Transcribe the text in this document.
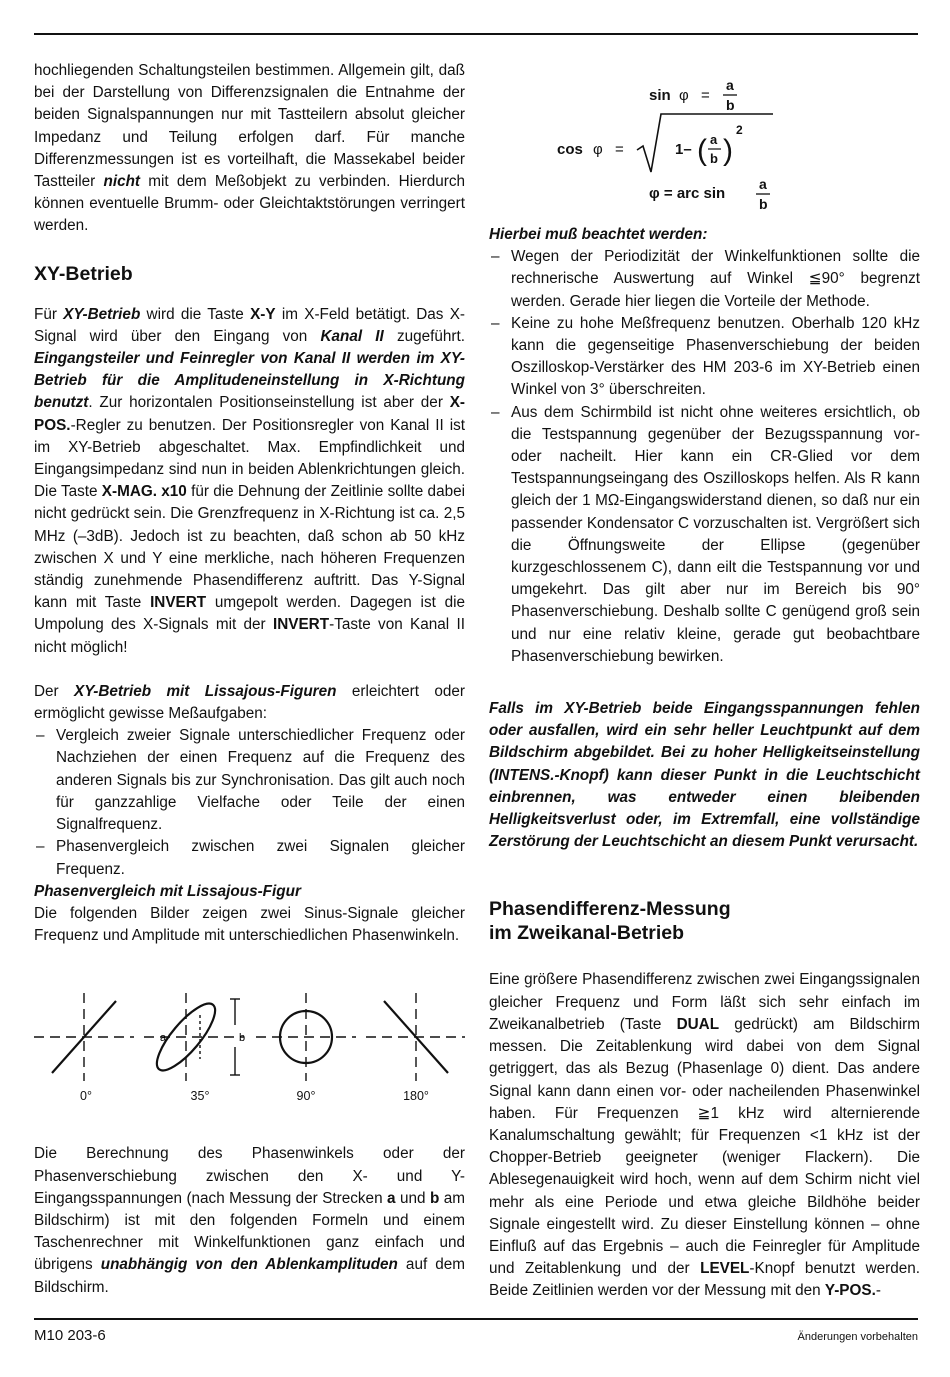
hochliegenden Schaltungsteilen bestimmen. Allgemein gilt, daß bei der Darstellung von Differenzsignalen die Entnahme der beiden Signalspannungen nur mit Tastteilern absolut gleicher Impedanz und Teilung erfolgen darf. Für manche Differenzmessungen ist es vorteilhaft, die Massekabel beider Tastteiler nicht mit dem Meßobjekt zu verbinden. Hierdurch können eventuelle Brumm- oder Gleichtaktstörungen verringert werden.

XY-Betrieb

Für XY-Betrieb wird die Taste X-Y im X-Feld betätigt. Das X-Signal wird über den Eingang von Kanal II zugeführt. Eingangsteiler und Feinregler von Kanal II werden im XY-Betrieb für die Amplitudeneinstellung in X-Richtung benutzt. Zur horizontalen Positionseinstellung ist aber der X-POS.-Regler zu benutzen. Der Positionsregler von Kanal II ist im XY-Betrieb abgeschaltet. Max. Empfindlichkeit und Eingangsimpedanz sind nun in beiden Ablenkrichtungen gleich. Die Taste X-MAG. x10 für die Dehnung der Zeitlinie sollte dabei nicht gedrückt sein. Die Grenzfrequenz in X-Richtung ist ca. 2,5 MHz (–3dB). Jedoch ist zu beachten, daß schon ab 50 kHz zwischen X und Y eine merkliche, nach höheren Frequenzen ständig zunehmende Phasendifferenz auftritt. Das Y-Signal kann mit Taste INVERT umgepolt werden. Dagegen ist die Umpolung des X-Signals mit der INVERT-Taste von Kanal II nicht möglich!

Der XY-Betrieb mit Lissajous-Figuren erleichtert oder ermöglicht gewisse Meßaufgaben:

– Vergleich zweier Signale unterschiedlicher Frequenz oder Nachziehen der einen Frequenz auf die Frequenz des anderen Signals bis zur Synchronisation. Das gilt auch noch für ganzzahlige Vielfache oder Teile der einen Signalfrequenz.
– Phasenvergleich zwischen zwei Signalen gleicher Frequenz.
Phasenvergleich mit Lissajous-Figur

Die folgenden Bilder zeigen zwei Sinus-Signale gleicher Frequenz und Amplitude mit unterschiedlichen Phasenwinkeln.

a	b
0°	35°	90°	180°

Die Berechnung des Phasenwinkels oder der Phasenverschiebung zwischen den X- und Y-Eingangsspannungen (nach Messung der Strecken a und b am Bildschirm) ist mit den folgenden Formeln und einem Taschenrechner mit Winkelfunktionen ganz einfach und übrigens unabhängig von den Ablenkamplituden auf dem Bildschirm.

sin φ =
a
b
cos φ =	1– ( a
b )
2
φ = arc sin
a
b
Hierbei muß beachtet werden:
– Wegen der Periodizität der Winkelfunktionen sollte die rechnerische Auswertung auf Winkel ≦90° begrenzt werden. Gerade hier liegen die Vorteile der Methode.
– Keine zu hohe Meßfrequenz benutzen. Oberhalb 120 kHz kann die gegenseitige Phasenverschiebung der beiden Oszilloskop-Verstärker des HM 203-6 im XY-Betrieb einen Winkel von 3° überschreiten.
– Aus dem Schirmbild ist nicht ohne weiteres ersichtlich, ob die Testspannung gegenüber der Bezugsspannung vor- oder nacheilt. Hier kann ein CR-Glied vor dem Testspannungseingang des Oszilloskops helfen. Als R kann gleich der 1 MΩ-Eingangswiderstand dienen, so daß nur ein passender Kondensator C vorzuschalten ist. Vergrößert sich die Öffnungsweite der Ellipse (gegenüber kurzgeschlossenem C), dann eilt die Testspannung vor und umgekehrt. Das gilt aber nur im Bereich bis 90° Phasenverschiebung. Deshalb sollte C genügend groß sein und nur eine relativ kleine, gerade gut beobachtbare Phasenverschiebung bewirken.

Falls im XY-Betrieb beide Eingangsspannungen fehlen oder ausfallen, wird ein sehr heller Leuchtpunkt auf dem Bildschirm abgebildet. Bei zu hoher Helligkeitseinstellung (INTENS.-Knopf) kann dieser Punkt in die Leuchtschicht einbrennen, was entweder einen bleibenden Helligkeitsverlust oder, im Extremfall, eine vollständige Zerstörung der Leuchtschicht an diesem Punkt verursacht.

Phasendifferenz-Messung
im Zweikanal-Betrieb

Eine größere Phasendifferenz zwischen zwei Eingangssignalen gleicher Frequenz und Form läßt sich sehr einfach im Zweikanalbetrieb (Taste DUAL gedrückt) am Bildschirm messen. Die Zeitablenkung wird dabei von dem Signal getriggert, das als Bezug (Phasenlage 0) dient. Das andere Signal kann dann einen vor- oder nacheilenden Phasenwinkel haben. Für Frequenzen ≧1 kHz wird alternierende Kanalumschaltung gewählt; für Frequenzen <1 kHz ist der Chopper-Betrieb geeigneter (weniger Flackern). Die Ablesegenauigkeit wird hoch, wenn auf dem Schirm nicht viel mehr als eine Periode und etwa gleiche Bildhöhe beider Signale eingestellt wird. Zu dieser Einstellung können – ohne Einfluß auf das Ergebnis – auch die Feinregler für Amplitude und Zeitablenkung und der LEVEL-Knopf benutzt werden. Beide Zeitlinien werden vor der Messung mit den Y-POS.-

M10 203-6	Änderungen vorbehalten
